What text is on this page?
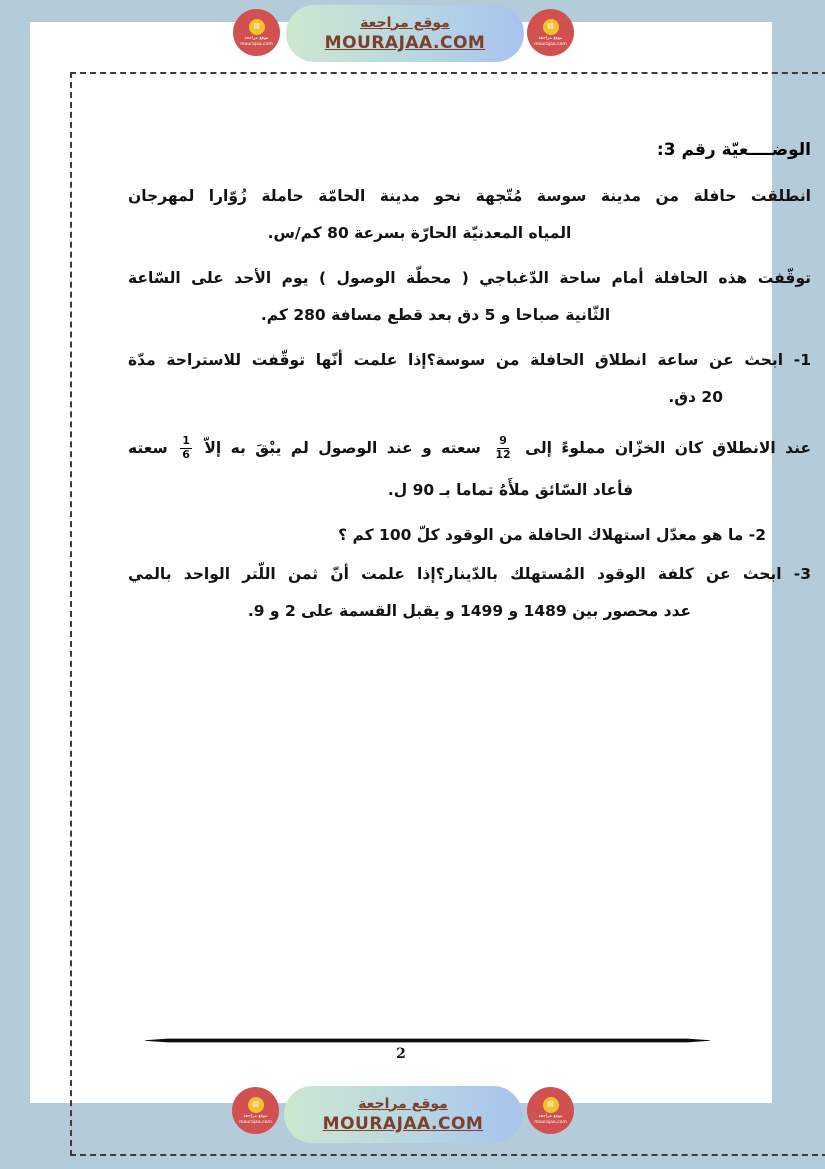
الوضــــعيّة رقم 3:
انطلقت حافلة من مدينة سوسة مُتّجهة نحو مدينة الحامّة حاملة زُوّارا لمهرجان
المياه المعدنيّة الحارّة بسرعة 80 كم/س.
توقّفت هذه الحافلة أمام ساحة الدّغباجي ( محطّة الوصول ) يوم الأحد على السّاعة
الثّانية صباحا و 5 دق بعد قطع مسافة 280 كم.
1- ابحث عن ساعة انطلاق الحافلة من سوسة؟إذا علمت أنّها توقّفت للاستراحة مدّة
20 دق.
عند الانطلاق كان الخزّان مملوءً إلى
$\frac{9}{12}$
سعته و عند الوصول لم يبْقَ به إلاّ
$\frac{1}{6}$
سعته
فأعاد السّائق ملأَهُ تماما بـ 90 ل.
2- ما هو معدّل استهلاك الحافلة من الوقود كلّ 100 كم ؟
3- ابحث عن كلفة الوقود المُستهلك بالدّينار؟إذا علمت أنّ ثمن اللّتر الواحد بالمي
عدد محصور بين 1489 و 1499 و يقبل القسمة على 2 و 9.
2
▤
موقع مراجعة
mourajaa.com
موقع مراجعة
MOURAJAA.COM
▤
موقع مراجعة
mourajaa.com
▤
موقع مراجعة
mourajaa.com
موقع مراجعة
MOURAJAA.COM
▤
موقع مراجعة
mourajaa.com
